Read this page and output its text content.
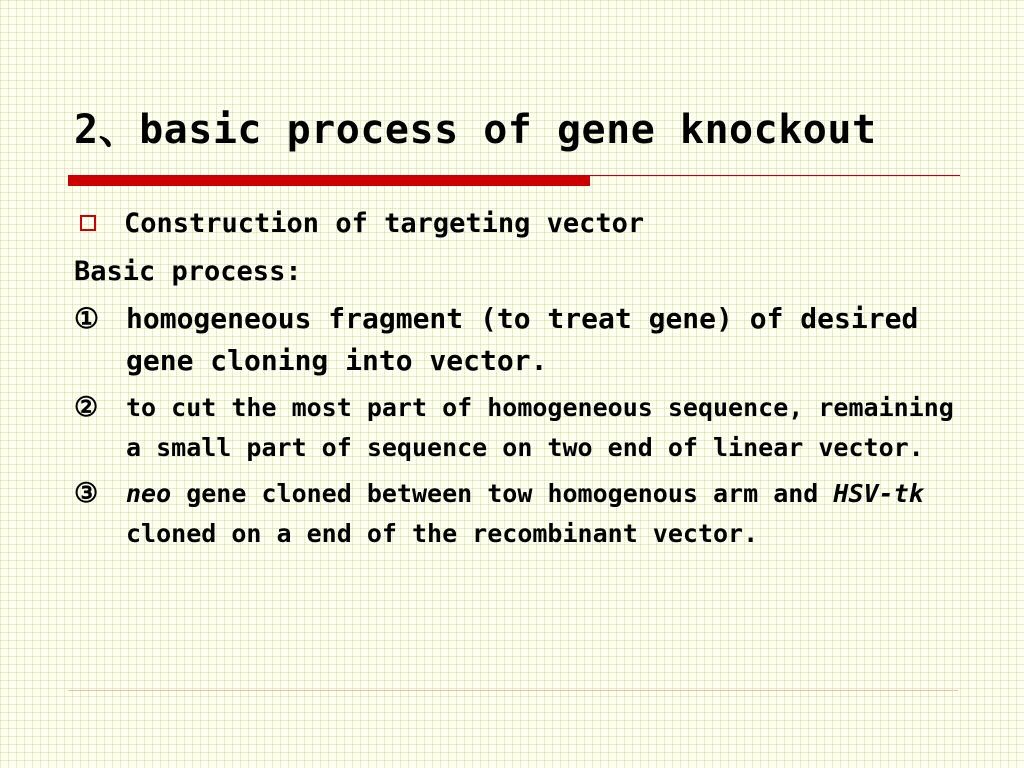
2、basic process of gene knockout
Construction of targeting vector
Basic process:
① homogeneous fragment (to treat gene) of desired gene cloning into vector.
②	to cut the most part of homogeneous sequence, remaining a small part of sequence on two end of linear vector.
③	neo gene cloned between tow homogenous arm and HSV-tk cloned on a end of the recombinant vector.
